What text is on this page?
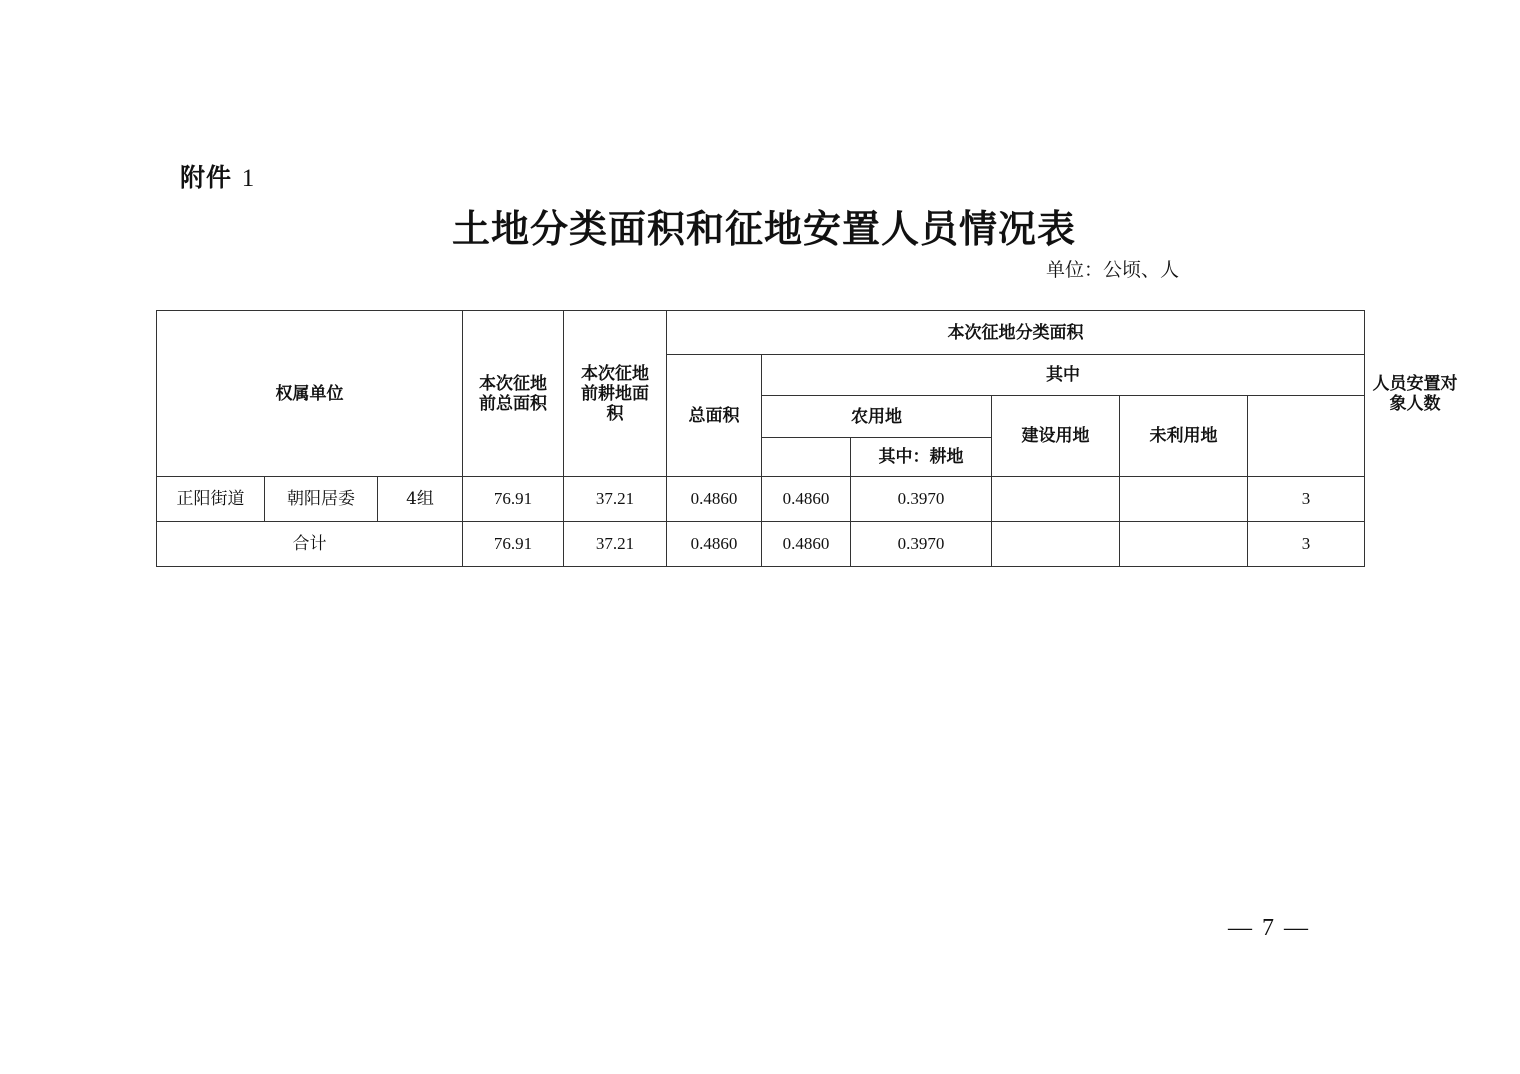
附件 1
土地分类面积和征地安置人员情况表
单位：公顷、人
权属单位			本次征地前总面积	本次征地前耕地面积	本次征地分类面积						人员安置对象人数

					总面积	其中					
						农用地		建设用地	未利用地		
							其中：耕地				
正阳街道	朝阳居委	4组	76.91	37.21	0.4860	0.4860	0.3970			3	
合计			76.91	37.21	0.4860	0.4860	0.3970			3	
— 7 —
